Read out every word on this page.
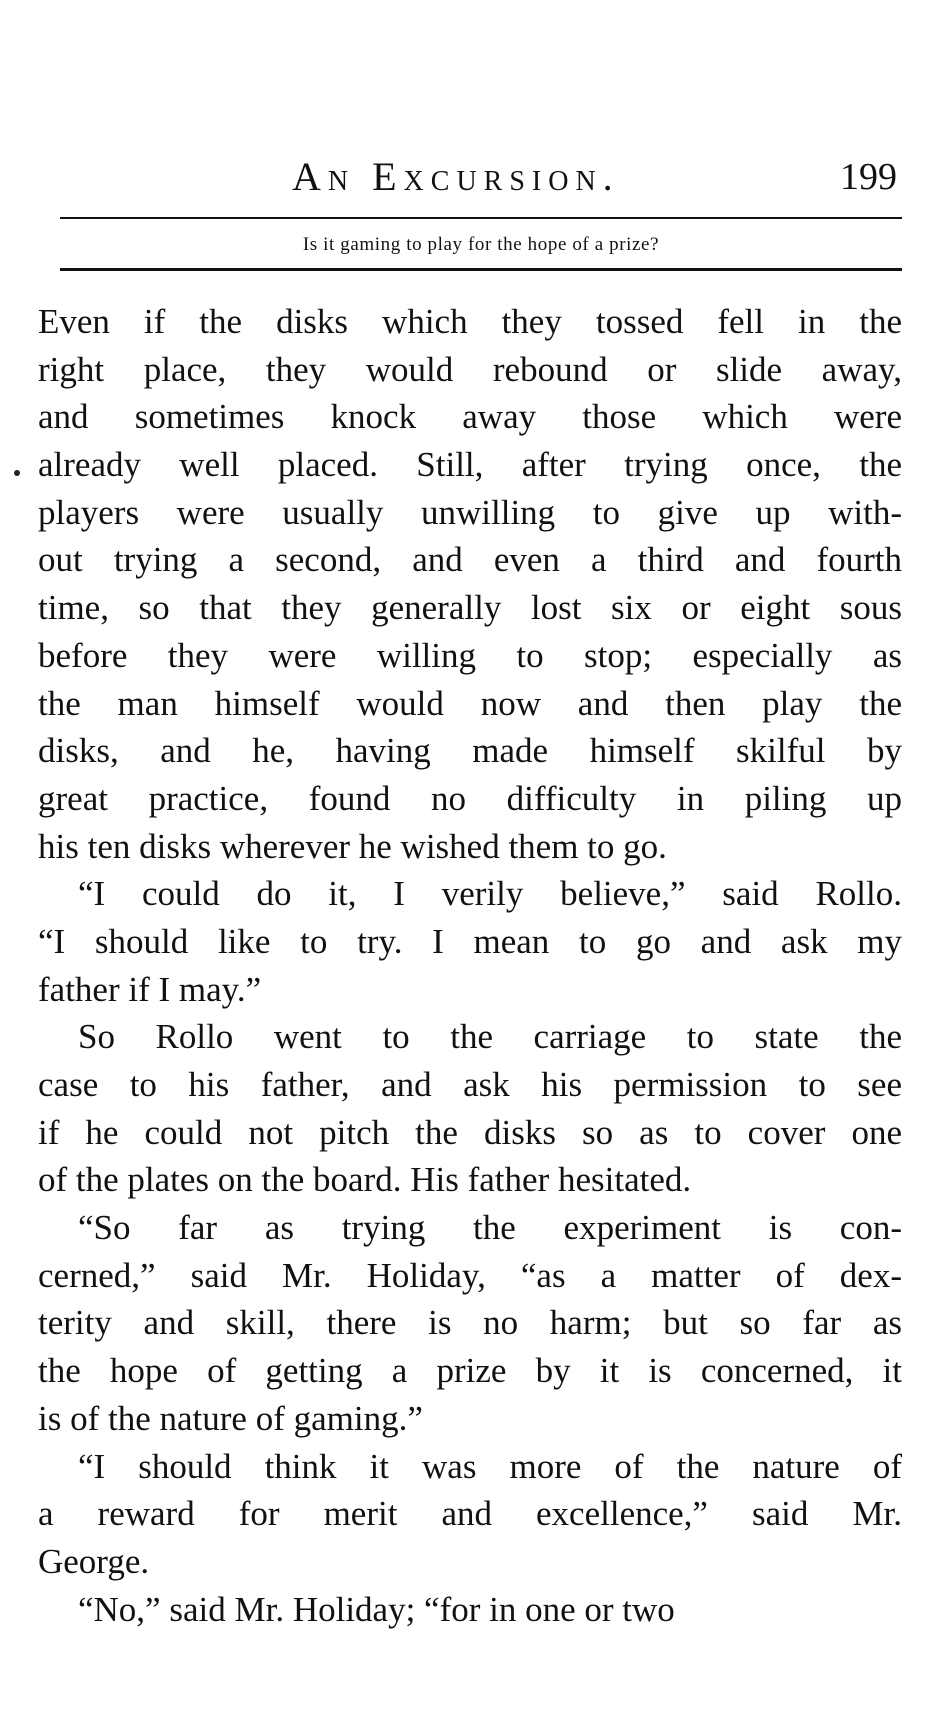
An Excursion.	199
Is it gaming to play for the hope of a prize?
Even if the disks which they tossed fell in the
right place, they would rebound or slide away,
and sometimes knock away those which were
already well placed. Still, after trying once, the
players were usually unwilling to give up with-
out trying a second, and even a third and fourth
time, so that they generally lost six or eight sous
before they were willing to stop; especially as
the man himself would now and then play the
disks, and he, having made himself skilful by
great practice, found no difficulty in piling up
his ten disks wherever he wished them to go.
“I could do it, I verily believe,” said Rollo.
“I should like to try. I mean to go and ask my
father if I may.”
So Rollo went to the carriage to state the
case to his father, and ask his permission to see
if he could not pitch the disks so as to cover one
of the plates on the board. His father hesitated.
“So far as trying the experiment is con-
cerned,” said Mr. Holiday, “as a matter of dex-
terity and skill, there is no harm; but so far as
the hope of getting a prize by it is concerned, it
is of the nature of gaming.”
“I should think it was more of the nature of
a reward for merit and excellence,” said Mr.
George.
“No,” said Mr. Holiday; “for in one or two
